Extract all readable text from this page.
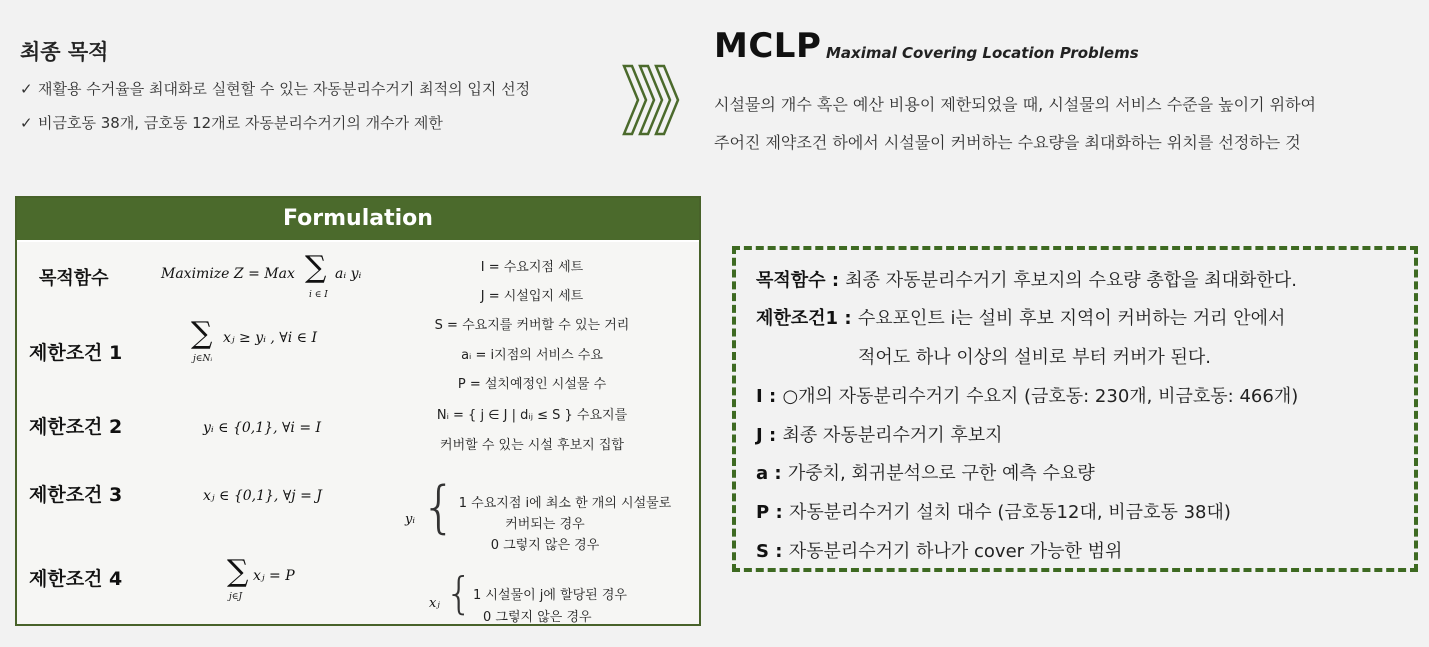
최종 목적
✓ 재활용 수거율을 최대화로 실현할 수 있는 자동분리수거기 최적의 입지 선정
✓ 비금호동 38개, 금호동 12개로 자동분리수거기의 개수가 제한
MCLP Maximal Covering Location Problems
시설물의 개수 혹은 예산 비용이 제한되었을 때, 시설물의 서비스 수준을 높이기 위하여
주어진 제약조건 하에서 시설물이 커버하는 수요량을 최대화하는 위치를 선정하는 것
Formulation
목적함수
제한조건 1
제한조건 2
제한조건 3
제한조건 4
Maximize Z = Max ∑ aᵢ yᵢ
i ∈ I
∑ xⱼ ≥ yᵢ , ∀i ∈ I
j∈Nᵢ
yᵢ ∈ {0,1}, ∀i = I
xⱼ ∈ {0,1}, ∀j = J
∑ xⱼ = P
j∈J
I = 수요지점 세트
J = 시설입지 세트
S = 수요지를 커버할 수 있는 거리
aᵢ = i지점의 서비스 수요
P = 설치예정인 시설물 수
Nᵢ = { j ∈ J | dᵢⱼ ≤ S } 수요지를
커버할 수 있는 시설 후보지 집합
yᵢ { 1 수요지점 i에 최소 한 개의 시설물로
커버되는 경우
0 그렇지 않은 경우
xⱼ { 1 시설물이 j에 할당된 경우
0 그렇지 않은 경우
목적함수 : 최종 자동분리수거기 후보지의 수요량 총합을 최대화한다.
제한조건1 : 수요포인트 i는 설비 후보 지역이 커버하는 거리 안에서
적어도 하나 이상의 설비로 부터 커버가 된다.
I : ○개의 자동분리수거기 수요지 (금호동: 230개, 비금호동: 466개)
J : 최종 자동분리수거기 후보지
a : 가중치, 회귀분석으로 구한 예측 수요량
P : 자동분리수거기 설치 대수 (금호동12대, 비금호동 38대)
S : 자동분리수거기 하나가 cover 가능한 범위
